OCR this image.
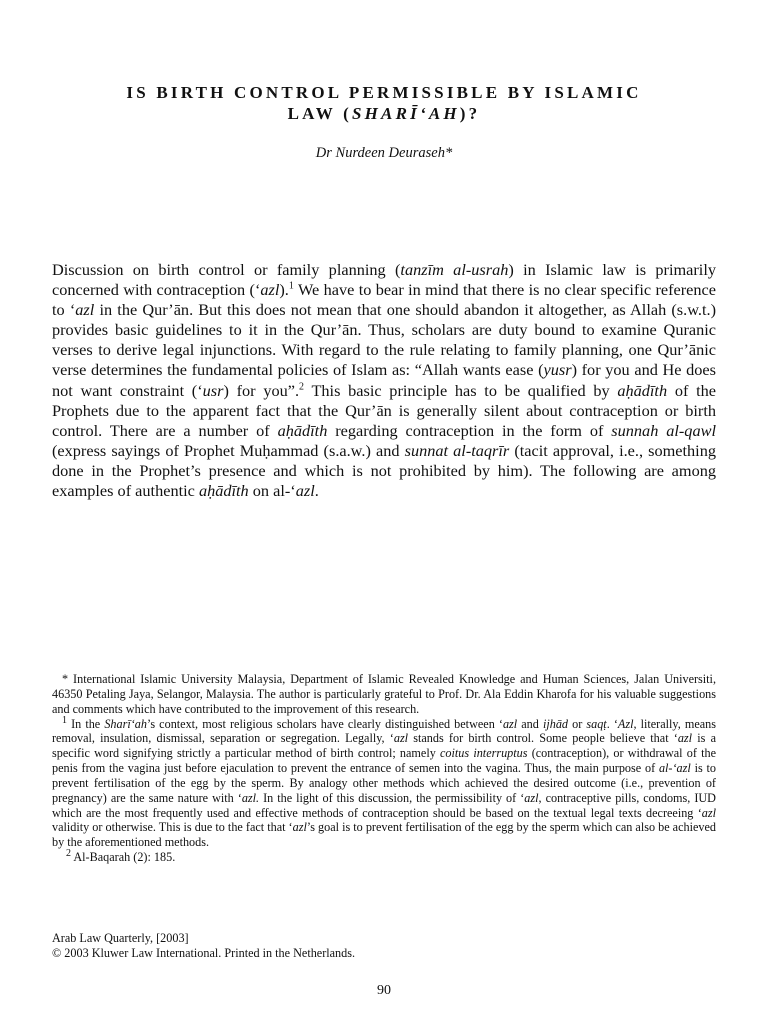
IS BIRTH CONTROL PERMISSIBLE BY ISLAMIC
LAW (SHARĪ‘AH)?
Dr Nurdeen Deuraseh*

Discussion on birth control or family planning (tanzīm al-usrah) in Islamic law is primarily concerned with contraception (‘azl).$^1$ We have to bear in mind that there is no clear specific reference to ‘azl in the Qur’ān. But this does not mean that one should abandon it altogether, as Allah (s.w.t.) provides basic guidelines to it in the Qur’ān. Thus, scholars are duty bound to examine Quranic verses to derive legal injunctions. With regard to the rule relating to family planning, one Qur’ānic verse determines the fundamental policies of Islam as: “Allah wants ease (yusr) for you and He does not want constraint (‘usr) for you”.$^2$ This basic principle has to be qualified by aḥādīth of the Prophets due to the apparent fact that the Qur’ān is generally silent about contraception or birth control. There are a number of aḥādīth regarding contraception in the form of sunnah al-qawl (express sayings of Prophet Muḥammad (s.a.w.) and sunnat al-taqrīr (tacit approval, i.e., something done in the Prophet’s presence and which is not prohibited by him). The following are among examples of authentic aḥādīth on al-‘azl.

* International Islamic University Malaysia, Department of Islamic Revealed Knowledge and Human Sciences, Jalan Universiti, 46350 Petaling Jaya, Selangor, Malaysia. The author is particularly grateful to Prof. Dr. Ala Eddin Kharofa for his valuable suggestions and comments which have contributed to the improvement of this research.

$^1$ In the Sharī‘ah’s context, most religious scholars have clearly distinguished between ‘azl and ijhād or saqṭ. ‘Azl, literally, means removal, insulation, dismissal, separation or segregation. Legally, ‘azl stands for birth control. Some people believe that ‘azl is a specific word signifying strictly a particular method of birth control; namely coitus interruptus (contraception), or withdrawal of the penis from the vagina just before ejaculation to prevent the entrance of semen into the vagina. Thus, the main purpose of al-‘azl is to prevent fertilisation of the egg by the sperm. By analogy other methods which achieved the desired outcome (i.e., prevention of pregnancy) are the same nature with ‘azl. In the light of this discussion, the permissibility of ‘azl, contraceptive pills, condoms, IUD which are the most frequently used and effective methods of contraception should be based on the textual legal texts decreeing ‘azl validity or otherwise. This is due to the fact that ‘azl’s goal is to prevent fertilisation of the egg by the sperm which can also be achieved by the aforementioned methods.

$^2$ Al-Baqarah (2): 185.

Arab Law Quarterly, [2003]
© 2003 Kluwer Law International. Printed in the Netherlands.
90
